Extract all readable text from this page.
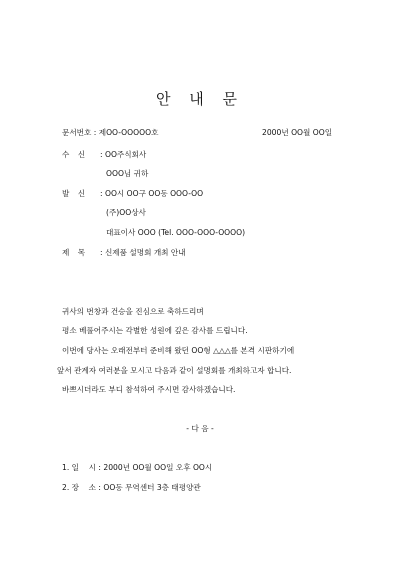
안 내 문
문서번호 : 제OO-OOOOO호	2000년 OO월 OO일
수 신 : OO주식회사
OOO님 귀하
발 신 : OO시 OO구 OO동 OOO-OO
(주)OO상사
대표이사 OOO (Tel. OOO-OOO-OOOO)
제 목 : 신제품 설명회 개최 안내
귀사의 번창과 건승을 진심으로 축하드리며
평소 베풀어주시는 각별한 성원에 깊은 감사를 드립니다.
이번에 당사는 오래전부터 준비해 왔던 OO형 △△△를 본격 시판하기에
앞서 관계자 여러분을 모시고 다음과 같이 설명회를 개최하고자 합니다.
바쁘시더라도 부디 참석하여 주시면 감사하겠습니다.
- 다 음 -
1. 일    시 : 2000년 OO월 OO일 오후 OO시
2. 장    소 : OO동 무역센터 3층 태평양관
